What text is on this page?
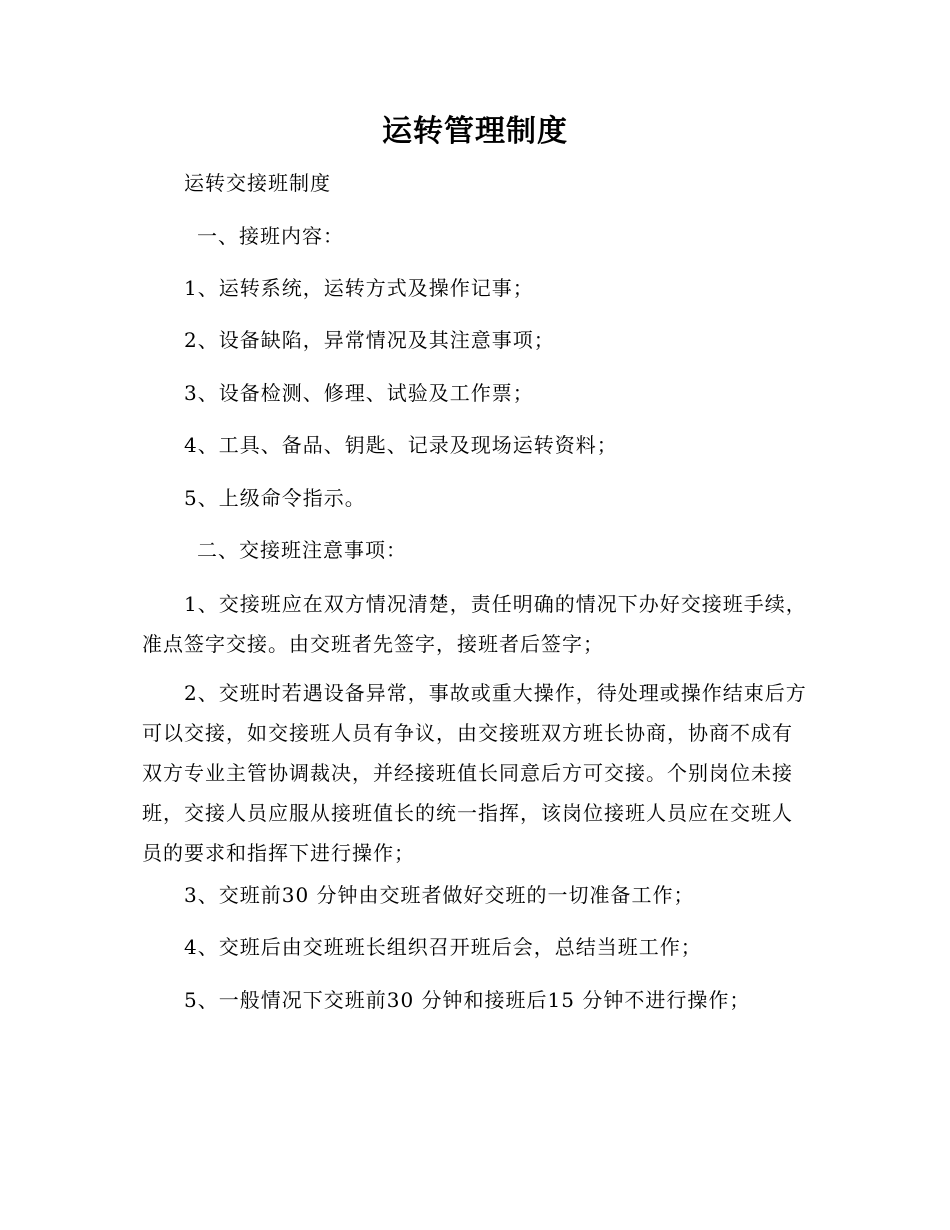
运转管理制度
运转交接班制度
一、接班内容：
1、运转系统，运转方式及操作记事；
2、设备缺陷，异常情况及其注意事项；
3、设备检测、修理、试验及工作票；
4、工具、备品、钥匙、记录及现场运转资料；
5、上级命令指示。
二、交接班注意事项：
1、交接班应在双方情况清楚，责任明确的情况下办好交接班手续，准点签字交接。由交班者先签字，接班者后签字；
2、交班时若遇设备异常，事故或重大操作，待处理或操作结束后方可以交接，如交接班人员有争议，由交接班双方班长协商，协商不成有双方专业主管协调裁决，并经接班值长同意后方可交接。个别岗位未接班，交接人员应服从接班值长的统一指挥，该岗位接班人员应在交班人员的要求和指挥下进行操作；
3、交班前30 分钟由交班者做好交班的一切准备工作；
4、交班后由交班班长组织召开班后会，总结当班工作；
5、一般情况下交班前30 分钟和接班后15 分钟不进行操作；
